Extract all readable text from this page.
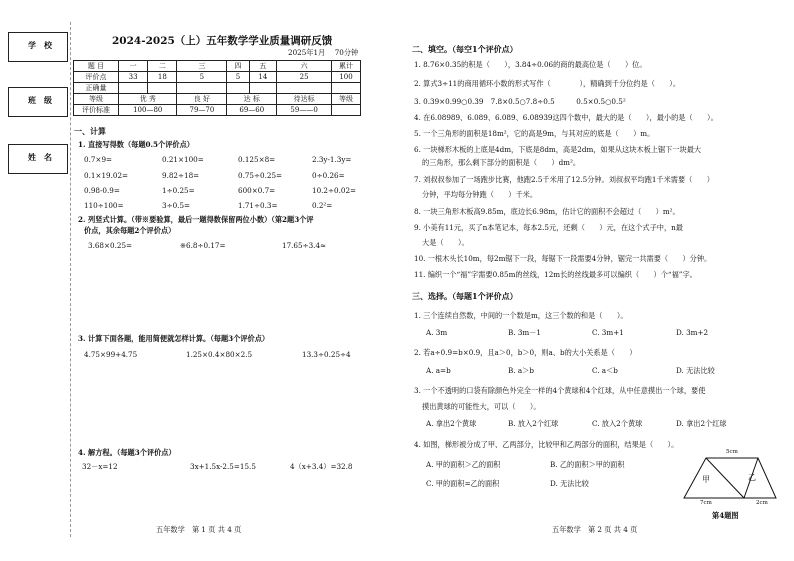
学　校
班　级
姓　名
2024-2025（上）五年数学学业质量调研反馈
2025年1月　 70分钟
题 目	一	二	三	四	五	六	累计
评价点	33	18	5	5	14	25	100
正确量							
等级	优 秀		良 好	达 标		待达标	等级
评价标准	100—80		79—70	69—60		59——0	
一、计算
1. 直接写得数（每题0.5个评价点）
0.7×9=	0.21×100=	0.125×8=	2.3y-1.3y=
0.1×19.02=	9.82÷18=	0.75÷0.25=	0÷0.26=
0.98-0.9=	1÷0.25=	600×0.7=	10.2÷0.02=
110÷100=	3÷0.5=	1.71÷0.3=	0.2²=
2. 列竖式计算。（带※要验算，最后一题得数保留两位小数）（第2题3个评
价点，其余每题2个评价点）
3.68×0.25=	※6.8÷0.17=	17.65÷3.4≈
3. 计算下面各题，能用简便就怎样计算。（每题3个评价点）
4.75×99+4.75	1.25×0.4×80×2.5	13.3÷0.25÷4
4. 解方程。（每题3个评价点）
32－x=12	3x+1.5x-2.5=15.5	4（x+3.4）=32.8
五年数学　第 1 页 共 4 页
二、填空。（每空1个评价点）
1. 8.76×0.35的积是（　　），3.84÷0.06的商的最高位是（　　）位。
2. 算式3÷11的商用循环小数的形式写作（　　　　），精确到千分位约是（　　）。
3. 0.39×0.99○0.39　7.8×0.5○7.8÷0.5　　　0.5×0.5○0.5²
4. 在6.08989、6.089、6.089、6.08939这四个数中，最大的是（　　），最小的是（　　）。
5. 一个三角形的面积是18m²，它的高是9m，与其对应的底是（　　）m。
6. 一块梯形木板的上底是4dm，下底是8dm，高是2dm，如果从这块木板上锯下一块最大
的三角形，那么剩下部分的面积是（　　）dm²。
7. 刘叔叔参加了一场跑步比赛，他跑2.5千米用了12.5分钟。刘叔叔平均跑1千米需要（　　）
分钟，平均每分钟跑（　　）千米。
8. 一块三角形木板高9.85m，底边长6.98m，估计它的面积不会超过（　　）m²。
9. 小美有11元，买了n本笔记本，每本2.5元，还剩（　　）元，在这个式子中，n最
大是（　　）。
10. 一根木头长10m，每2m锯下一段，每锯下一段需要4分钟，锯完一共需要（　　）分钟。
11. 编织一个“福”字需要0.85m的丝线，12m长的丝线最多可以编织（　　）个“福”字。
三、选择。（每题1个评价点）
1. 三个连续自然数，中间的一个数是m，这三个数的和是（　　）。
A. 3m	B. 3m－1	C. 3m+1	D. 3m+2
2. 若a÷0.9=b×0.9，且a＞0，b＞0，则a、b的大小关系是（　　）
A. a=b	B. a＞b	C. a＜b	D. 无法比较
3. 一个不透明的口袋有除颜色外完全一样的4个黄球和4个红球，从中任意摸出一个球，要使
摸出黄球的可能性大，可以（　　）。
A. 拿出2个黄球	B. 放入2个红球	C. 放入2个黄球	D. 拿出2个红球
4. 如图，梯形被分成了甲、乙两部分，比较甲和乙两部分的面积，结果是（　　）。
A. 甲的面积＞乙的面积	B. 乙的面积＞甲的面积
C. 甲的面积=乙的面积	D. 无法比较
5cm
7cm	2cm
甲	乙
第4题图
五年数学　第 2 页 共 4 页
